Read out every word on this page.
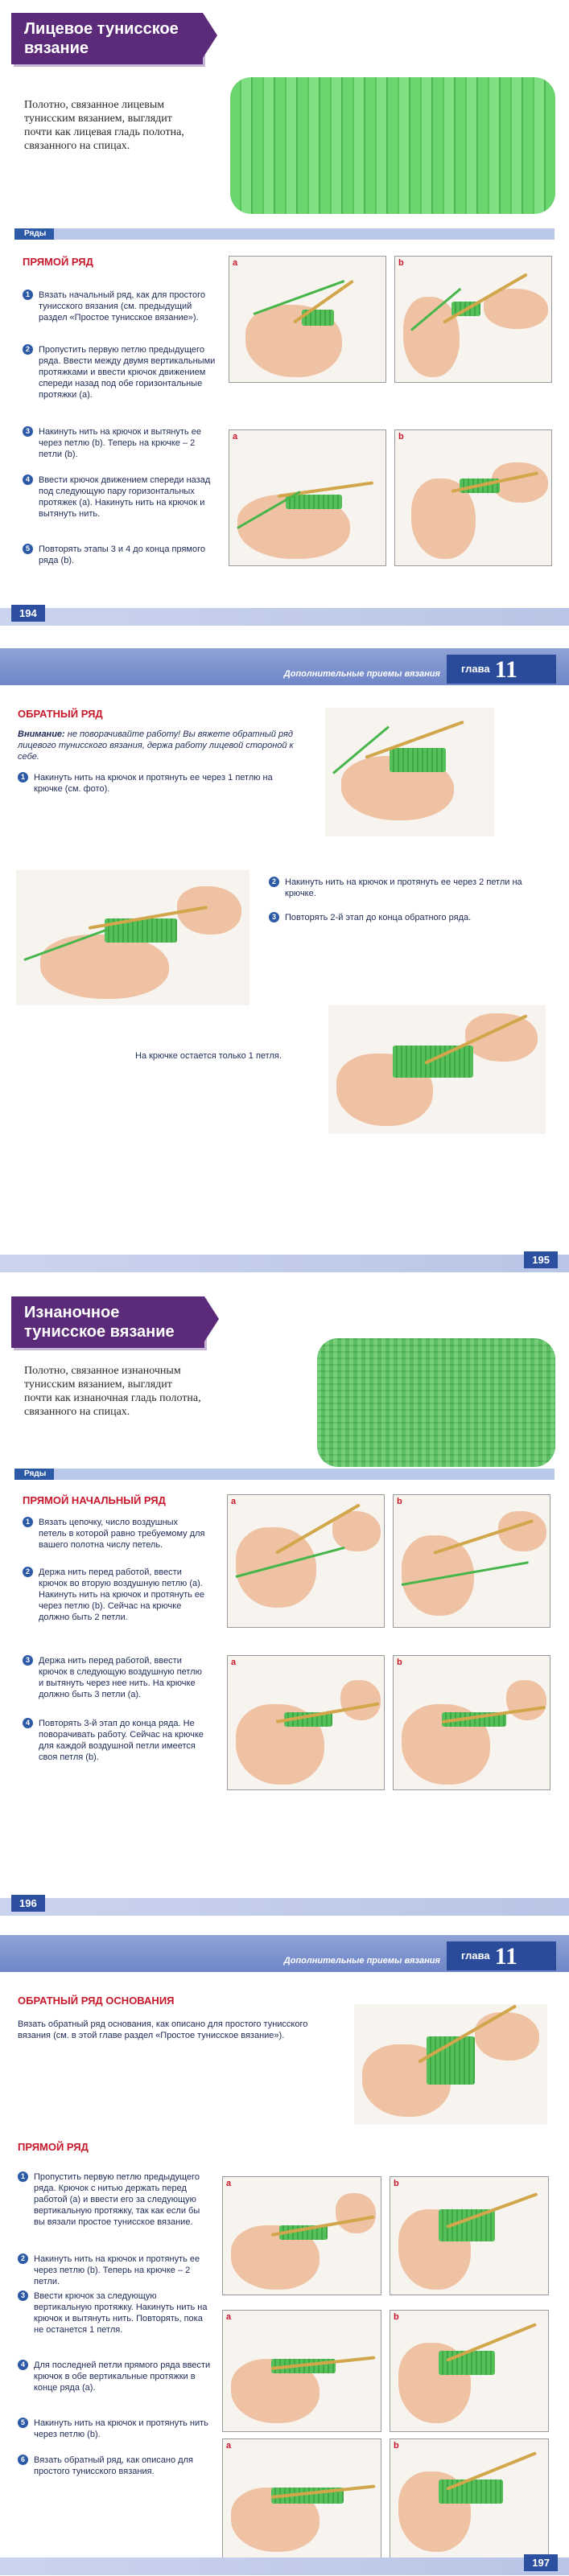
Лицевое тунисское вязание
Полотно, связанное лицевым тунисским вязанием, выглядит почти как лицевая гладь полотна, связанного на спицах.
Ряды
ПРЯМОЙ РЯД
1	Вязать начальный ряд, как для простого тунисского вязания (см. предыдущий раздел «Простое тунисское вязание»).
2	Пропустить первую петлю предыдущего ряда. Ввести между двумя вертикальными протяжками и ввести крючок движением спереди назад под обе горизонтальные протяжки (a).
3	Накинуть нить на крючок и вытянуть ее через петлю (b). Теперь на крючке – 2 петли (b).
4	Ввести крючок движением спереди назад под следующую пару горизонтальных протяжек (a). Накинуть нить на крючок и вытянуть нить.
5	Повторять этапы 3 и 4 до конца прямого ряда (b).
a	b
a	b
194
Дополнительные приемы вязания	глава 11
ОБРАТНЫЙ РЯД
Внимание: не поворачивайте работу! Вы вяжете обратный ряд лицевого тунисского вязания, держа работу лицевой стороной к себе.
1	Накинуть нить на крючок и протянуть ее через 1 петлю на крючке (см. фото).
2	Накинуть нить на крючок и протянуть ее через 2 петли на крючке.
3	Повторять 2-й этап до конца обратного ряда.
На крючке остается только 1 петля.
195
Изнаночное тунисское вязание
Полотно, связанное изнаночным тунисским вязанием, выглядит почти как изнаночная гладь полотна, связанного на спицах.
Ряды
ПРЯМОЙ НАЧАЛЬНЫЙ РЯД
1	Вязать цепочку, число воздушных петель в которой равно требуемому для вашего полотна числу петель.
2	Держа нить перед работой, ввести крючок во вторую воздушную петлю (a). Накинуть нить на крючок и протянуть ее через петлю (b). Сейчас на крючке должно быть 2 петли.
3	Держа нить перед работой, ввести крючок в следующую воздушную петлю и вытянуть через нее нить. На крючке должно быть 3 петли (a).
4	Повторять 3-й этап до конца ряда. Не поворачивать работу. Сейчас на крючке для каждой воздушной петли имеется своя петля (b).
a	b
a	b
196
Дополнительные приемы вязания	глава 11
ОБРАТНЫЙ РЯД ОСНОВАНИЯ
Вязать обратный ряд основания, как описано для простого тунисского вязания (см. в этой главе раздел «Простое тунисское вязание»).
ПРЯМОЙ РЯД
1	Пропустить первую петлю предыдущего ряда. Крючок с нитью держать перед работой (a) и ввести его за следующую вертикальную протяжку, так как если бы вы вязали простое тунисское вязание.
2	Накинуть нить на крючок и протянуть ее через петлю (b). Теперь на крючке – 2 петли.
3	Ввести крючок за следующую вертикальную протяжку. Накинуть нить на крючок и вытянуть нить. Повторять, пока не останется 1 петля.
4	Для последней петли прямого ряда ввести крючок в обе вертикальные протяжки в конце ряда (a).
5	Накинуть нить на крючок и протянуть нить через петлю (b).
6	Вязать обратный ряд, как описано для простого тунисского вязания.
a	b
a	b
a	b
197
